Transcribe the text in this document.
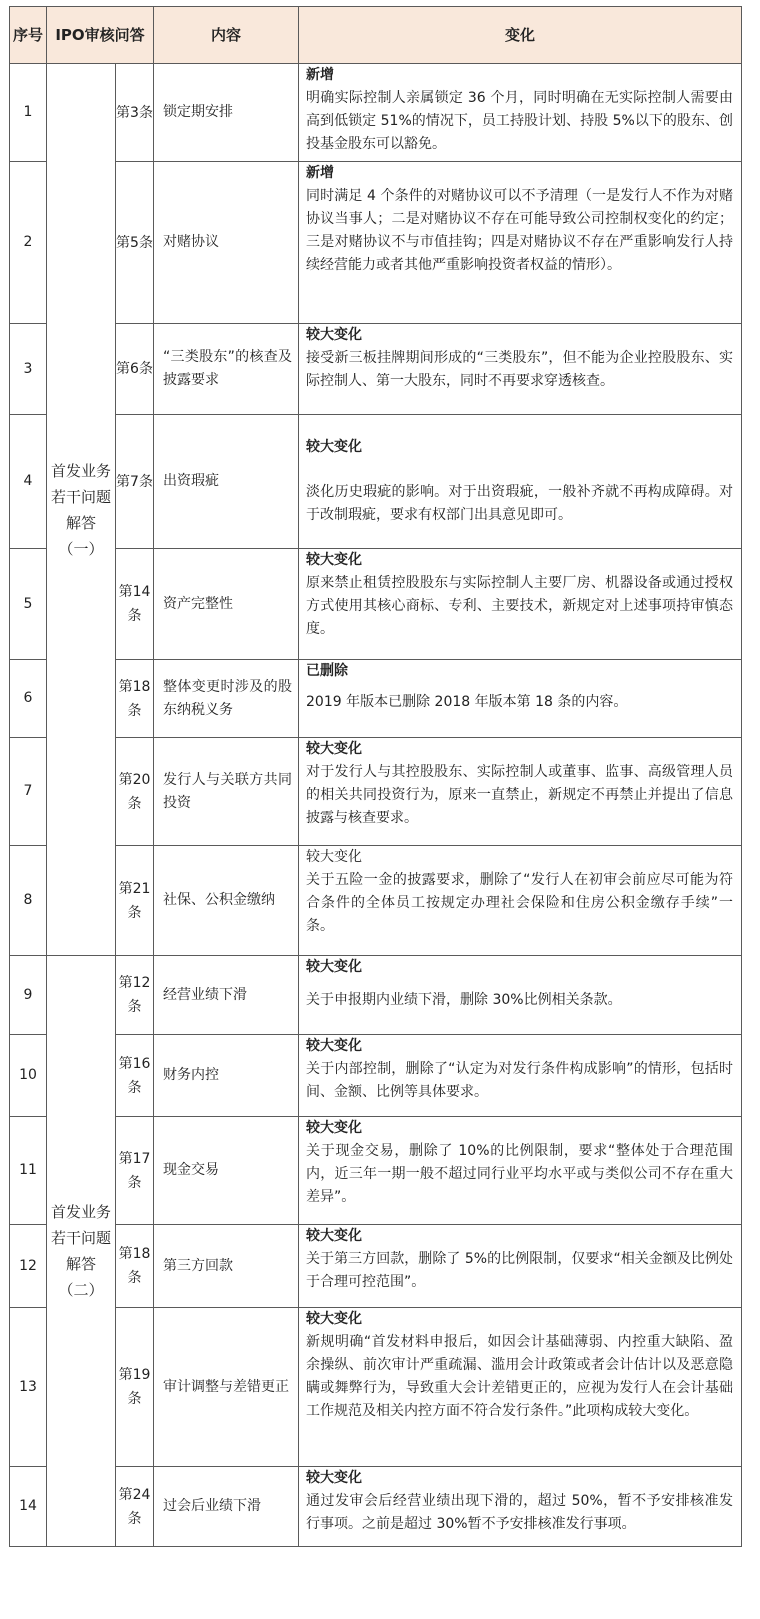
序号	IPO审核问答		内容	变化
1	首发业务若干问题解答（一）	第3条	锁定期安排	新增
明确实际控制人亲属锁定 36 个月，同时明确在无实际控制人需要由高到低锁定 51%的情况下，员工持股计划、持股 5%以下的股东、创投基金股东可以豁免。

2		第5条	对赌协议	新增
同时满足 4 个条件的对赌协议可以不予清理（一是发行人不作为对赌协议当事人；二是对赌协议不存在可能导致公司控制权变化的约定；三是对赌协议不与市值挂钩；四是对赌协议不存在严重影响发行人持续经营能力或者其他严重影响投资者权益的情形）。

3		第6条	“三类股东”的核查及披露要求	较大变化
接受新三板挂牌期间形成的“三类股东”，但不能为企业控股股东、实际控制人、第一大股东，同时不再要求穿透核查。

4		第7条	出资瑕疵	较大变化
淡化历史瑕疵的影响。对于出资瑕疵，一般补齐就不再构成障碍。对于改制瑕疵，要求有权部门出具意见即可。

5		第14条	资产完整性	较大变化
原来禁止租赁控股股东与实际控制人主要厂房、机器设备或通过授权方式使用其核心商标、专利、主要技术，新规定对上述事项持审慎态度。

6		第18条	整体变更时涉及的股东纳税义务	已删除
2019 年版本已删除 2018 年版本第 18 条的内容。

7		第20条	发行人与关联方共同投资	较大变化
对于发行人与其控股股东、实际控制人或董事、监事、高级管理人员的相关共同投资行为，原来一直禁止，新规定不再禁止并提出了信息披露与核查要求。

8		第21条	社保、公积金缴纳	较大变化
关于五险一金的披露要求，删除了“发行人在初审会前应尽可能为符合条件的全体员工按规定办理社会保险和住房公积金缴存手续”一条。

9	首发业务若干问题解答（二）	第12条	经营业绩下滑	较大变化
关于申报期内业绩下滑，删除 30%比例相关条款。

10		第16条	财务内控	较大变化
关于内部控制，删除了“认定为对发行条件构成影响”的情形，包括时间、金额、比例等具体要求。

11		第17条	现金交易	较大变化
关于现金交易，删除了 10%的比例限制，要求“整体处于合理范围内，近三年一期一般不超过同行业平均水平或与类似公司不存在重大差异”。

12		第18条	第三方回款	较大变化
关于第三方回款，删除了 5%的比例限制，仅要求“相关金额及比例处于合理可控范围”。

13		第19条	审计调整与差错更正	较大变化
新规明确“首发材料申报后，如因会计基础薄弱、内控重大缺陷、盈余操纵、前次审计严重疏漏、滥用会计政策或者会计估计以及恶意隐瞒或舞弊行为，导致重大会计差错更正的，应视为发行人在会计基础工作规范及相关内控方面不符合发行条件。”此项构成较大变化。

14		第24条	过会后业绩下滑	较大变化
通过发审会后经营业绩出现下滑的，超过 50%，暂不予安排核准发行事项。之前是超过 30%暂不予安排核准发行事项。
